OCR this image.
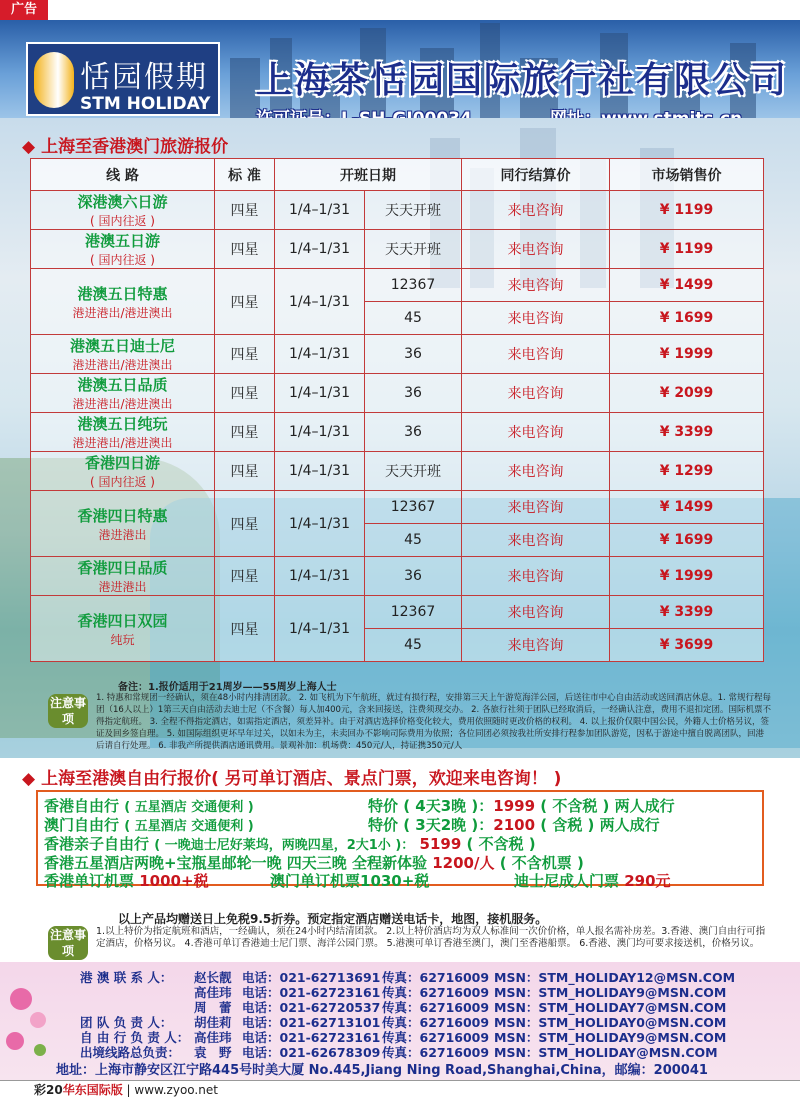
广告
恬园假期
STM HOLIDAY
上海茶恬园国际旅行社有限公司
◆ 上海至香港澳门旅游报价
线 路	标 准	开班日期		同行结算价	市场销售价

深港澳六日游
( 国内往返 )	四星	1/4–1/31	天天开班	来电咨询	¥ 1199

港澳五日游
( 国内往返 )	四星	1/4–1/31	天天开班	来电咨询	¥ 1199

港澳五日特惠
港进港出/港进澳出	四星	1/4–1/31	12367	来电咨询	¥ 1499
			45	来电咨询	¥ 1699

港澳五日迪士尼
港进港出/港进澳出	四星	1/4–1/31	36	来电咨询	¥ 1999

港澳五日品质
港进港出/港进澳出	四星	1/4–1/31	36	来电咨询	¥ 2099

港澳五日纯玩
港进港出/港进澳出	四星	1/4–1/31	36	来电咨询	¥ 3399

香港四日游
( 国内往返 )	四星	1/4–1/31	天天开班	来电咨询	¥ 1299

香港四日特惠
港进港出	四星	1/4–1/31	12367	来电咨询	¥ 1499
			45	来电咨询	¥ 1699

香港四日品质
港进港出	四星	1/4–1/31	36	来电咨询	¥ 1999

香港四日双园
纯玩	四星	1/4–1/31	12367	来电咨询	¥ 3399
			45	来电咨询	¥ 3699
备注：1.报价适用于21周岁——55周岁上海人士
注意事项
1. 特惠和常规团一经确认，须在48小时内排清团款。 2. 如飞机为下午航班，就过有损行程，安排第三天上午游览海洋公园，后送往市中心自由活动或送回酒店休息。1. 常规行程每团（16人以上）1第三天自由活动去迪士尼（不含餐）每人加400元，含来回接送，注费须现交办。 2. 各旅行社须于团队已经取消后，一经确认注意，费用不退扣定团。国际机票不得指定航班。 3. 全程不得指定酒店，如需指定酒店，须差异补。由于对酒店选择价格变化较大，费用依照随时更改价格的权利。 4. 以上报价仅限中国公民，外籍人士价格另议，签证及回乡签自理。 5. 如国际组织更坏早年过关，以如未为主，未卖回办不影响司际费用为依照；各位同团必须按我社所安排行程参加团队游览，因私于游途中擅自脱离团队，回港后请自行处理。 6. 非我产所提供酒店通讯费用。景观补加：机场费：450元/人，持证携350元/人
◆ 上海至港澳自由行报价( 另可单订酒店、景点门票，欢迎来电咨询！ )
香港自由行 ( 五星酒店 交通便利 )	特价 ( 4天3晚 )：1999 ( 不含税 ) 两人成行
澳门自由行 ( 五星酒店 交通便利 )	特价 ( 3天2晚 )：2100 ( 含税 ) 两人成行
香港亲子自由行 ( 一晚迪士尼好莱坞，两晚四星，2大1小 )： 5199 ( 不含税 )
香港五星酒店两晚+宝瓶星邮轮一晚 四天三晚 全程新体验 1200/人 ( 不含机票 )
香港单订机票 1000+税	澳门单订机票1030+税	迪士尼成人门票 290元
以上产品均赠送日上免税9.5折券。预定指定酒店赠送电话卡，地图，接机服务。
注意事项
1.以上特价为指定航班和酒店，一经确认，须在24小时内结清团款。 2.以上特价酒店均为双人标准间一次价价格，单人报名需补房差。3.香港、澳门自由行可指定酒店，价格另议。 4.香港可单订香港迪士尼门票、海洋公园门票。 5.港澳可单订香港至澳门，澳门至香港船票。 6.香港、澳门均可要求接送机，价格另议。
港 澳 联 系 人： 赵长靓 电话：021-62713691 传真：62716009 MSN：STM_HOLIDAY12@MSN.COM
高佳玮 电话：021-62723161 传真：62716009 MSN：STM_HOLIDAY9@MSN.COM
周　蕾 电话：021-62720537 传真：62716009 MSN：STM_HOLIDAY7@MSN.COM
团 队 负 责 人： 胡佳莉 电话：021-62713101 传真：62716009 MSN：STM_HOLIDAY0@MSN.COM
自 由 行 负 责 人： 高佳玮 电话：021-62723161 传真：62716009 MSN：STM_HOLIDAY9@MSN.COM
出境线路总负责： 袁　野 电话：021-62678309 传真：62716009 MSN：STM_HOLIDAY@MSN.COM
地址：上海市静安区江宁路445号时美大厦 No.445,Jiang Ning Road,Shanghai,China，邮编：200041
彩20华东国际版 | www.zyoo.net
